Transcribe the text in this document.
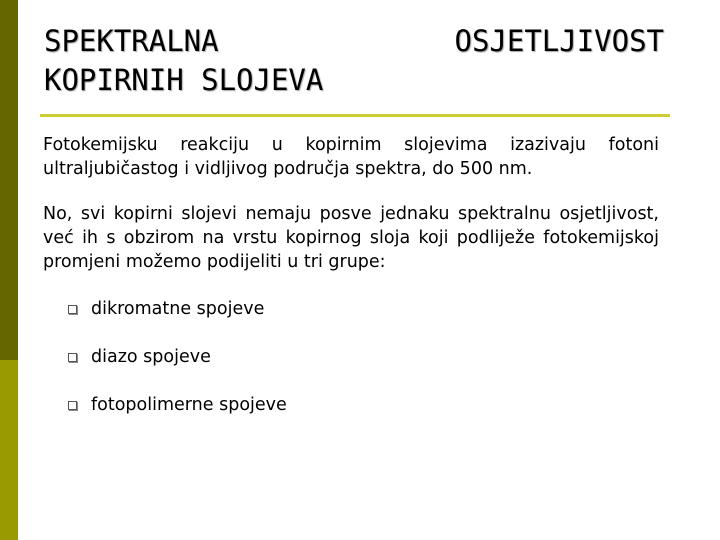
SPEKTRALNA	OSJETLJIVOST
KOPIRNIH SLOJEVA

Fotokemijsku reakciju u kopirnim slojevima izazivaju fotoni ultraljubičastog i vidljivog područja spektra, do 500 nm.

No, svi kopirni slojevi nemaju posve jednaku spektralnu osjetljivost, već ih s obzirom na vrstu kopirnog sloja koji podliježe fotokemijskoj promjeni možemo podijeliti u tri grupe:

dikromatne spojeve
diazo spojeve
fotopolimerne spojeve
